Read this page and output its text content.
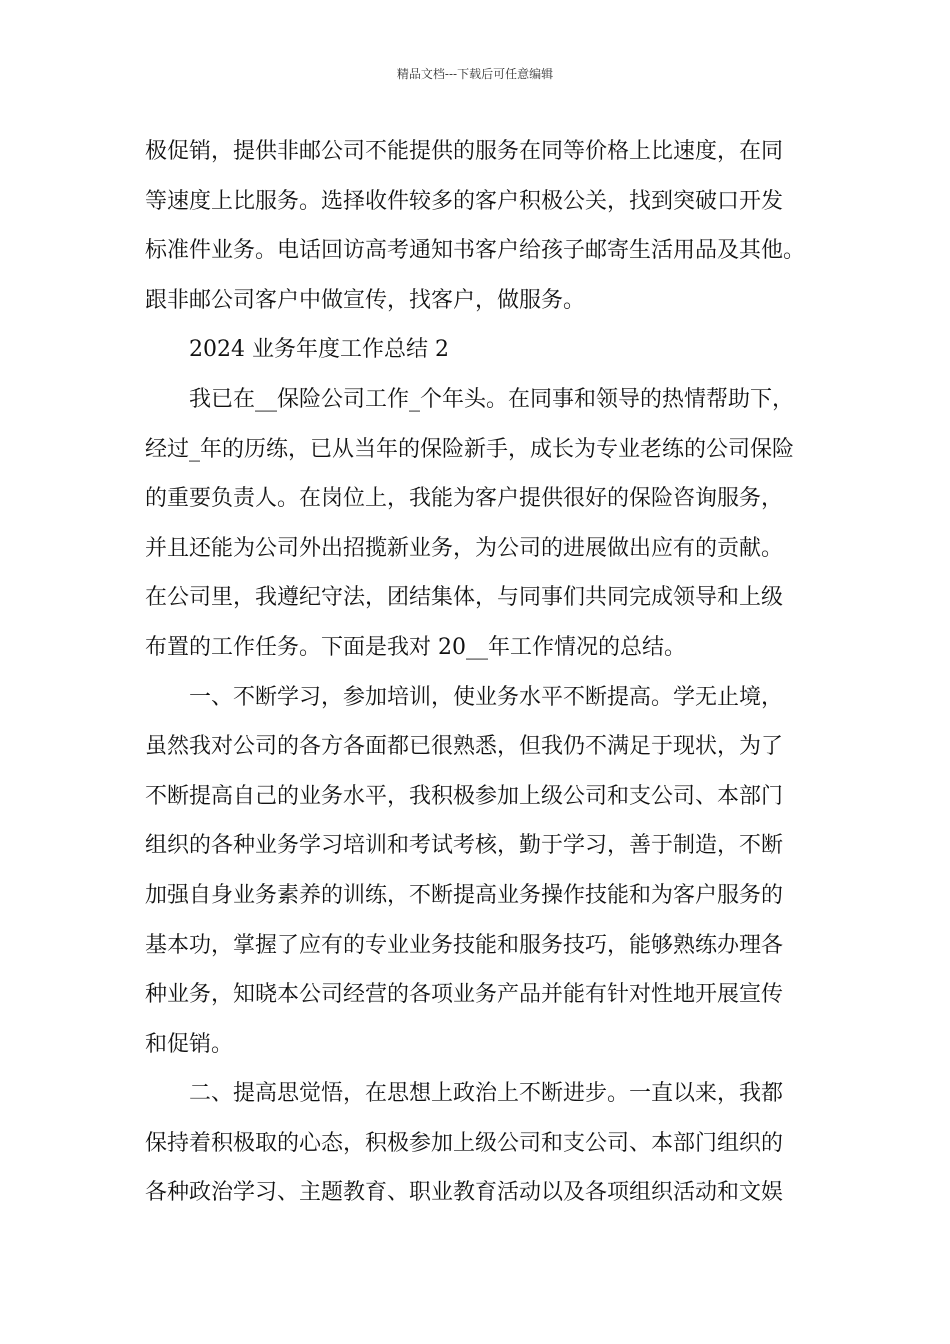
精品文档---下载后可任意编辑

极促销，提供非邮公司不能提供的服务在同等价格上比速度，在同
等速度上比服务。选择收件较多的客户积极公关，找到突破口开发
标准件业务。电话回访高考通知书客户给孩子邮寄生活用品及其他。
跟非邮公司客户中做宣传，找客户，做服务。

2024 业务年度工作总结 2

我已在__保险公司工作_个年头。在同事和领导的热情帮助下，
经过_年的历练，已从当年的保险新手，成长为专业老练的公司保险
的重要负责人。在岗位上，我能为客户提供很好的保险咨询服务，
并且还能为公司外出招揽新业务，为公司的进展做出应有的贡献。
在公司里，我遵纪守法，团结集体，与同事们共同完成领导和上级
布置的工作任务。下面是我对 20__年工作情况的总结。

一、不断学习，参加培训，使业务水平不断提高。学无止境，
虽然我对公司的各方各面都已很熟悉，但我仍不满足于现状，为了
不断提高自己的业务水平，我积极参加上级公司和支公司、本部门
组织的各种业务学习培训和考试考核，勤于学习，善于制造，不断
加强自身业务素养的训练，不断提高业务操作技能和为客户服务的
基本功，掌握了应有的专业业务技能和服务技巧，能够熟练办理各
种业务，知晓本公司经营的各项业务产品并能有针对性地开展宣传
和促销。

二、提高思觉悟，在思想上政治上不断进步。一直以来，我都
保持着积极取的心态，积极参加上级公司和支公司、本部门组织的
各种政治学习、主题教育、职业教育活动以及各项组织活动和文娱
